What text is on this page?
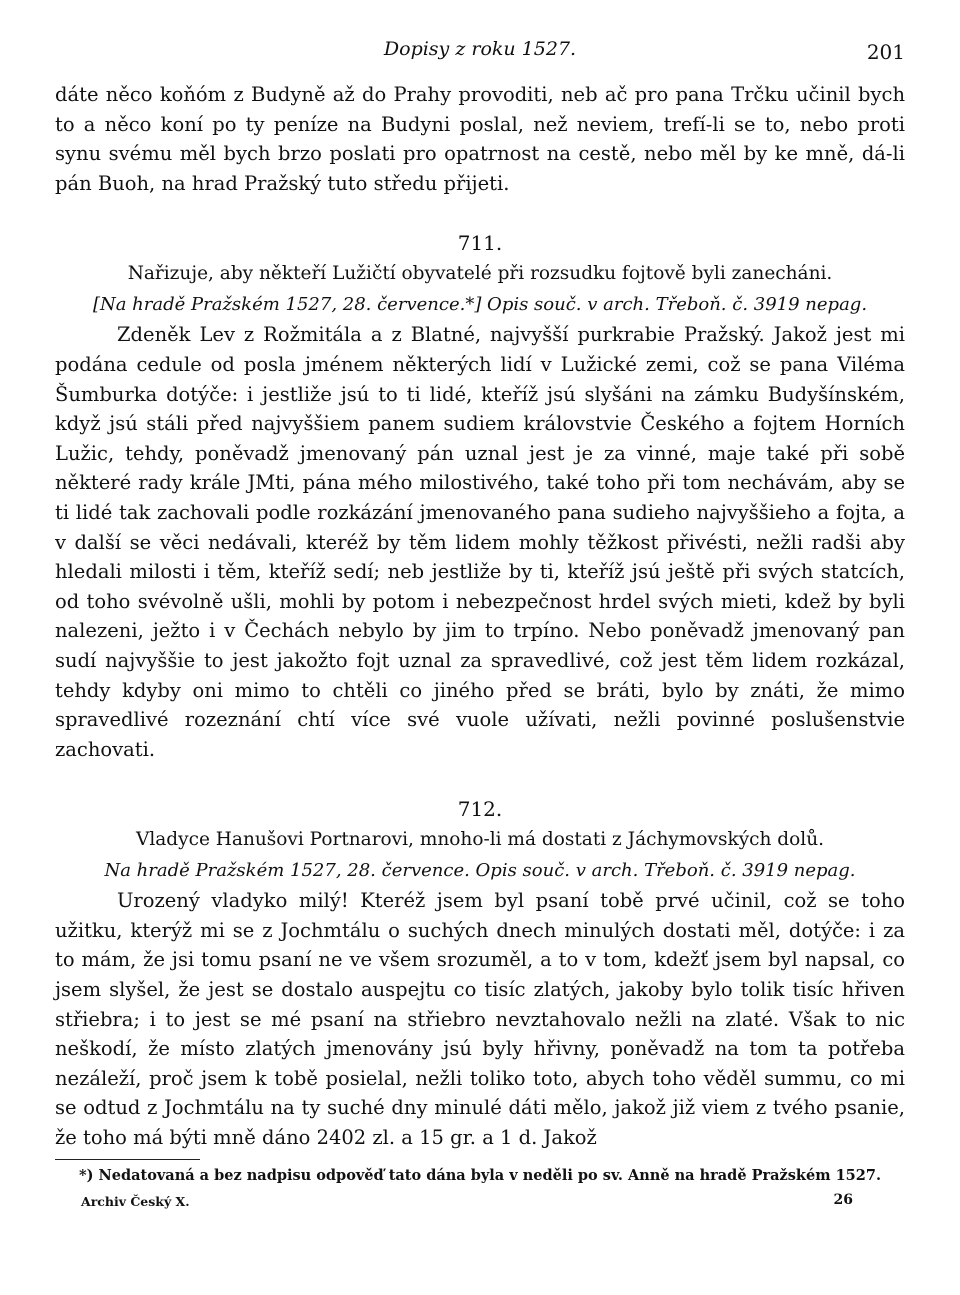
Dopisy z roku 1527.	201

dáte něco koňóm z Budyně až do Prahy provoditi, neb ač pro pana Trčku učinil bych to a něco koní po ty peníze na Budyni poslal, než neviem, trefí-li se to, nebo proti synu svému měl bych brzo poslati pro opatrnost na cestě, nebo měl by ke mně, dá-li pán Buoh, na hrad Pražský tuto středu přijeti.

711.
Nařizuje, aby někteří Lužičtí obyvatelé při rozsudku fojtově byli zanecháni.
[Na hradě Pražském 1527, 28. července.*] Opis souč. v arch. Třeboň. č. 3919 nepag.

Zdeněk Lev z Rožmitála a z Blatné, najvyšší purkrabie Pražský. Jakož jest mi podána cedule od posla jménem některých lidí v Lužické zemi, což se pana Viléma Šumburka dotýče: i jestliže jsú to ti lidé, kteříž jsú slyšáni na zámku Budyšínském, když jsú stáli před najvyššiem panem sudiem královstvie Českého a fojtem Horních Lužic, tehdy, poněvadž jmenovaný pán uznal jest je za vinné, maje také při sobě některé rady krále JMti, pána mého milostivého, také toho při tom nechávám, aby se ti lidé tak zachovali podle rozkázání jmenovaného pana sudieho najvyššieho a fojta, a v další se věci nedávali, kteréž by těm lidem mohly těžkost přivésti, nežli radši aby hledali milosti i těm, kteříž sedí; neb jestliže by ti, kteříž jsú ještě při svých statcích, od toho svévolně ušli, mohli by potom i nebezpečnost hrdel svých mieti, kdež by byli nalezeni, ježto i v Čechách nebylo by jim to trpíno. Nebo poněvadž jmenovaný pan sudí najvyššie to jest jakožto fojt uznal za spravedlivé, což jest těm lidem rozkázal, tehdy kdyby oni mimo to chtěli co jiného před se bráti, bylo by znáti, že mimo spravedlivé rozeznání chtí více své vuole užívati, nežli povinné poslušenstvie zachovati.

712.
Vladyce Hanušovi Portnarovi, mnoho-li má dostati z Jáchymovských dolů.
Na hradě Pražském 1527, 28. července. Opis souč. v arch. Třeboň. č. 3919 nepag.

Urozený vladyko milý! Kteréž jsem byl psaní tobě prvé učinil, což se toho užitku, kterýž mi se z Jochmtálu o suchých dnech minulých dostati měl, dotýče: i za to mám, že jsi tomu psaní ne ve všem srozuměl, a to v tom, kdežť jsem byl napsal, co jsem slyšel, že jest se dostalo auspejtu co tisíc zlatých, jakoby bylo tolik tisíc hřiven střiebra; i to jest se mé psaní na střiebro nevztahovalo nežli na zlaté. Však to nic neškodí, že místo zlatých jmenovány jsú byly hřivny, poněvadž na tom ta potřeba nezáleží, proč jsem k tobě posielal, nežli toliko toto, abych toho věděl summu, co mi se odtud z Jochmtálu na ty suché dny minulé dáti mělo, jakož již viem z tvého psanie, že toho má býti mně dáno 2402 zl. a 15 gr. a 1 d. Jakož

*) Nedatovaná a bez nadpisu odpověď tato dána byla v neděli po sv. Anně na hradě Pražském 1527.
Archiv Český X.	26
